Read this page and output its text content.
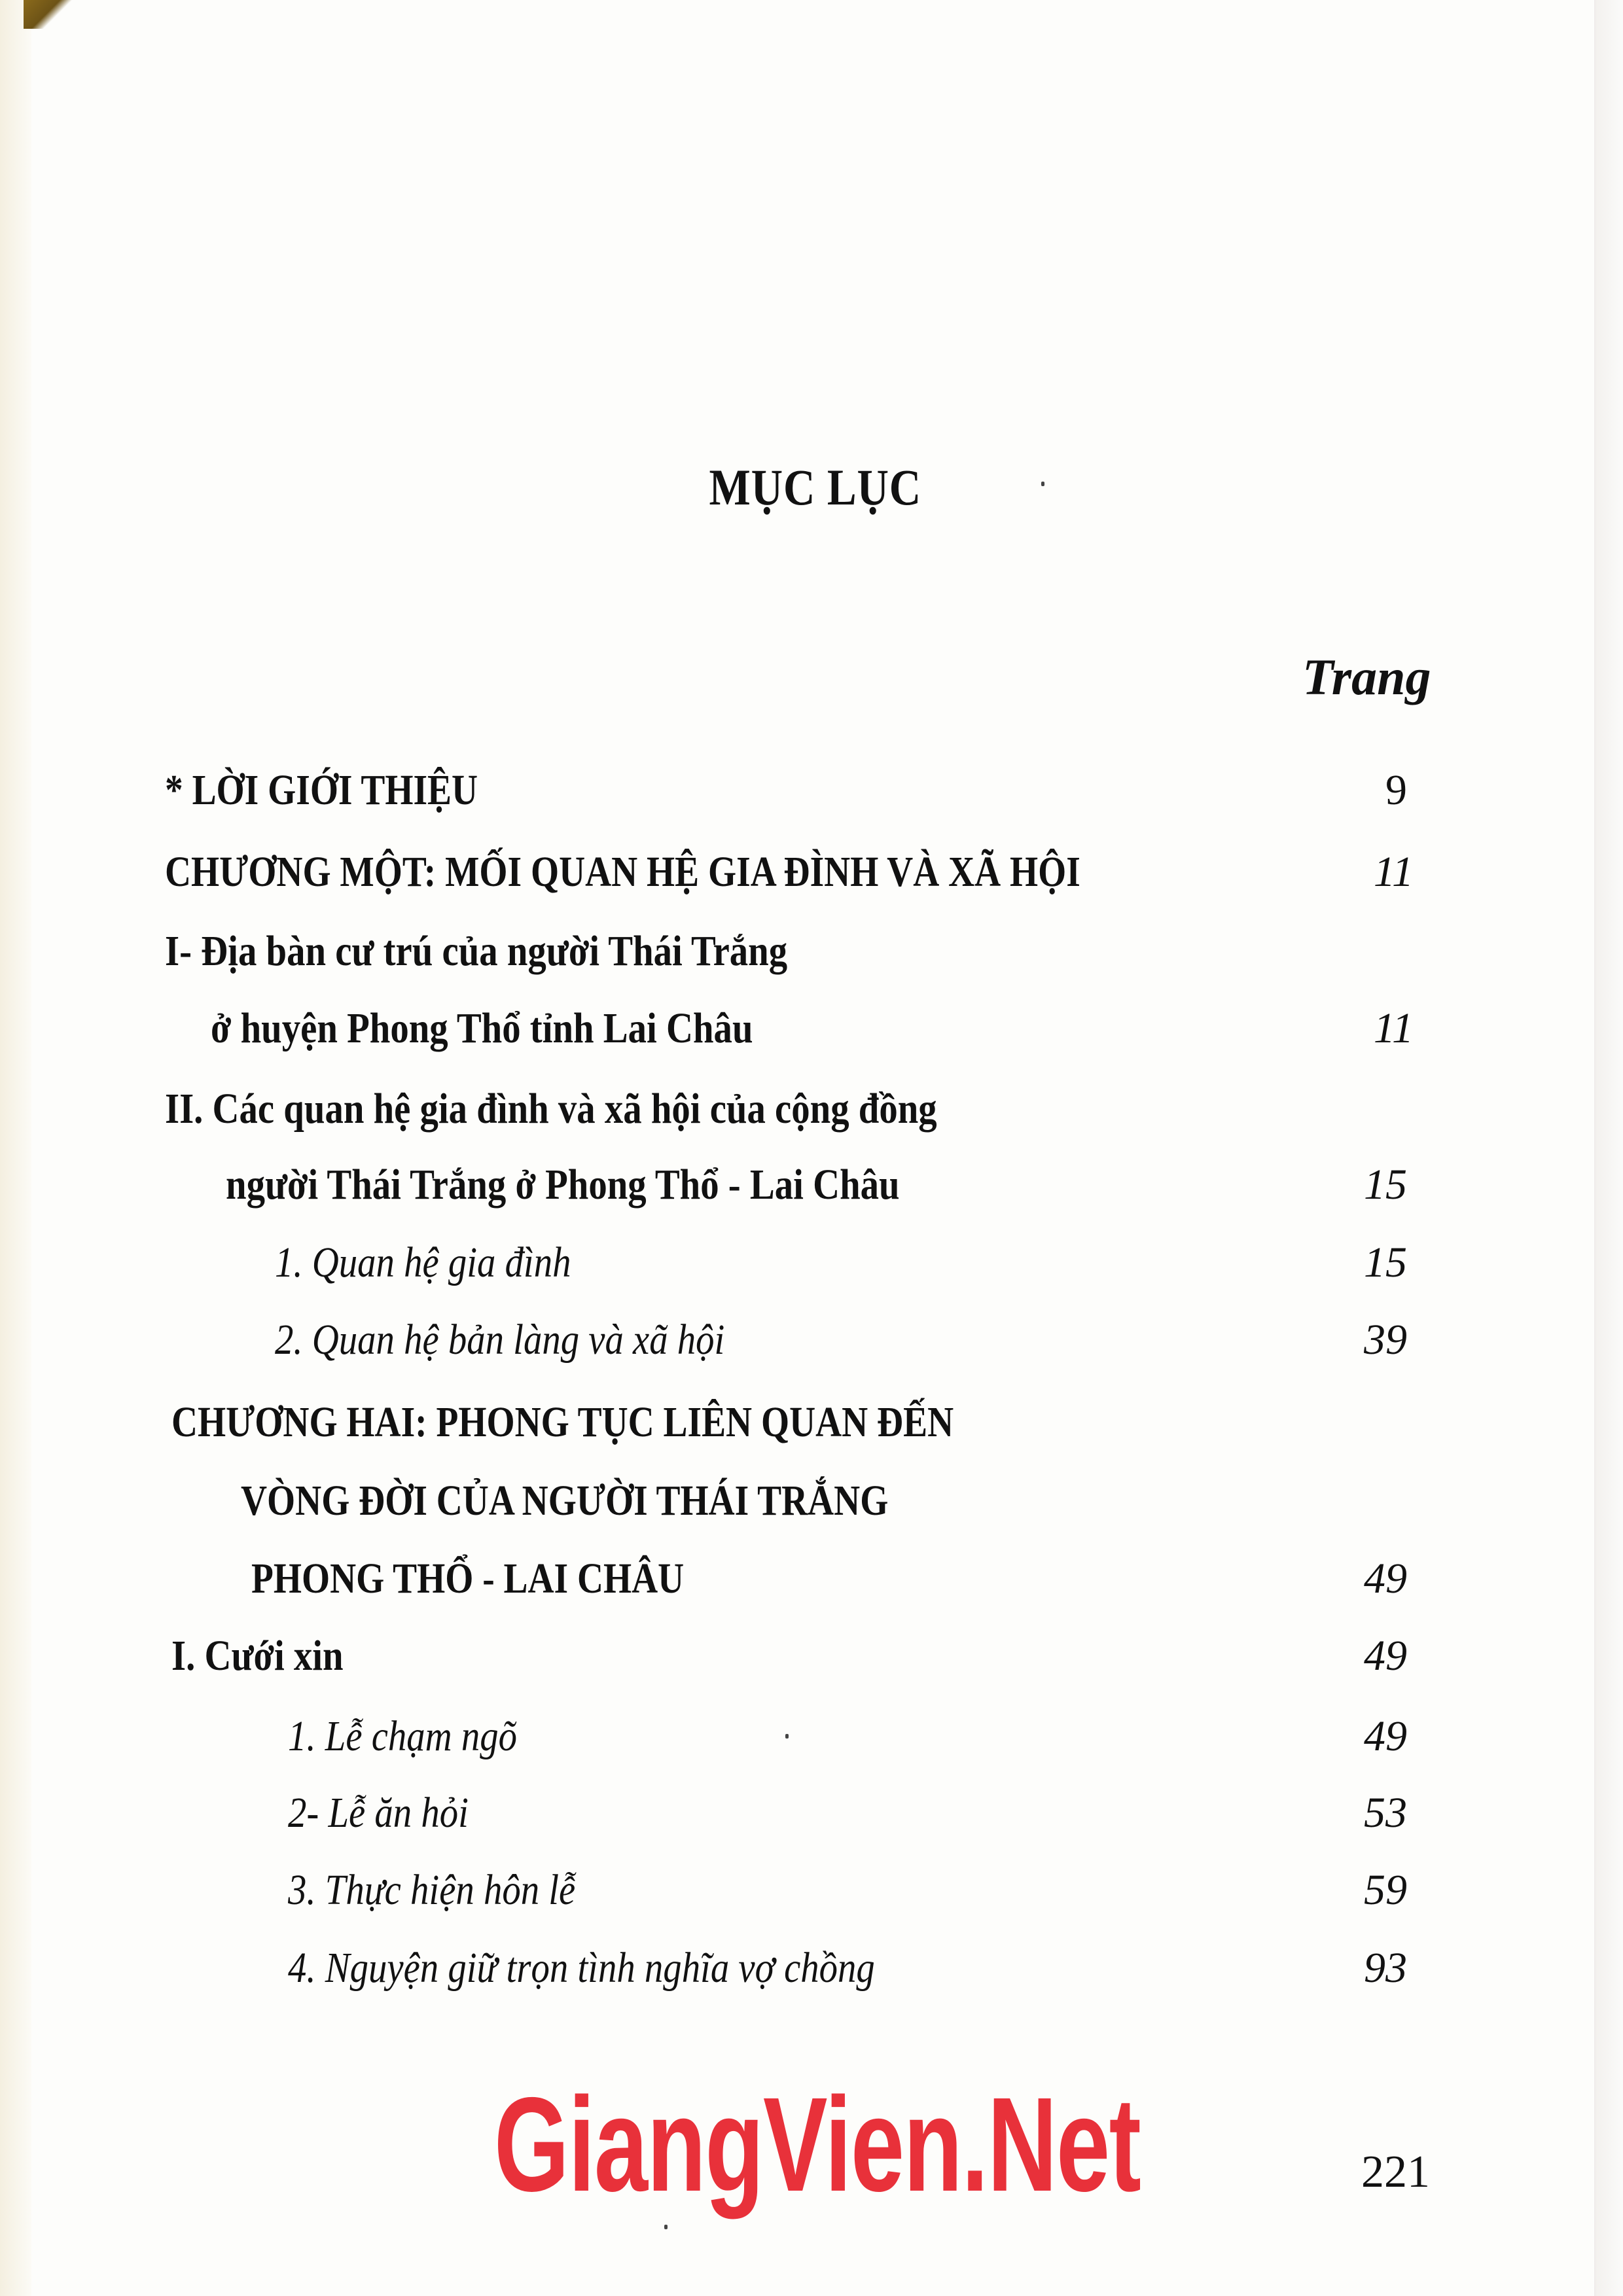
MỤC LỤC
Trang
* LỜI GIỚI THIỆU	9
CHƯƠNG MỘT: MỐI QUAN HỆ GIA ĐÌNH VÀ XÃ HỘI	11
I- Địa bàn cư trú của người Thái Trắng
ở huyện Phong Thổ tỉnh Lai Châu	11
II. Các quan hệ gia đình và xã hội của cộng đồng
người Thái Trắng ở Phong Thổ - Lai Châu	15
1. Quan hệ gia đình	15
2. Quan hệ bản làng và xã hội	39
CHƯƠNG HAI: PHONG TỤC LIÊN QUAN ĐẾN
VÒNG ĐỜI CỦA NGƯỜI THÁI TRẮNG
PHONG THỔ - LAI CHÂU	49
I. Cưới xin	49
1. Lễ chạm ngõ	49
2- Lễ ăn hỏi	53
3. Thực hiện hôn lễ	59
4. Nguyện giữ trọn tình nghĩa vợ chồng	93
GiangVien.Net	221
